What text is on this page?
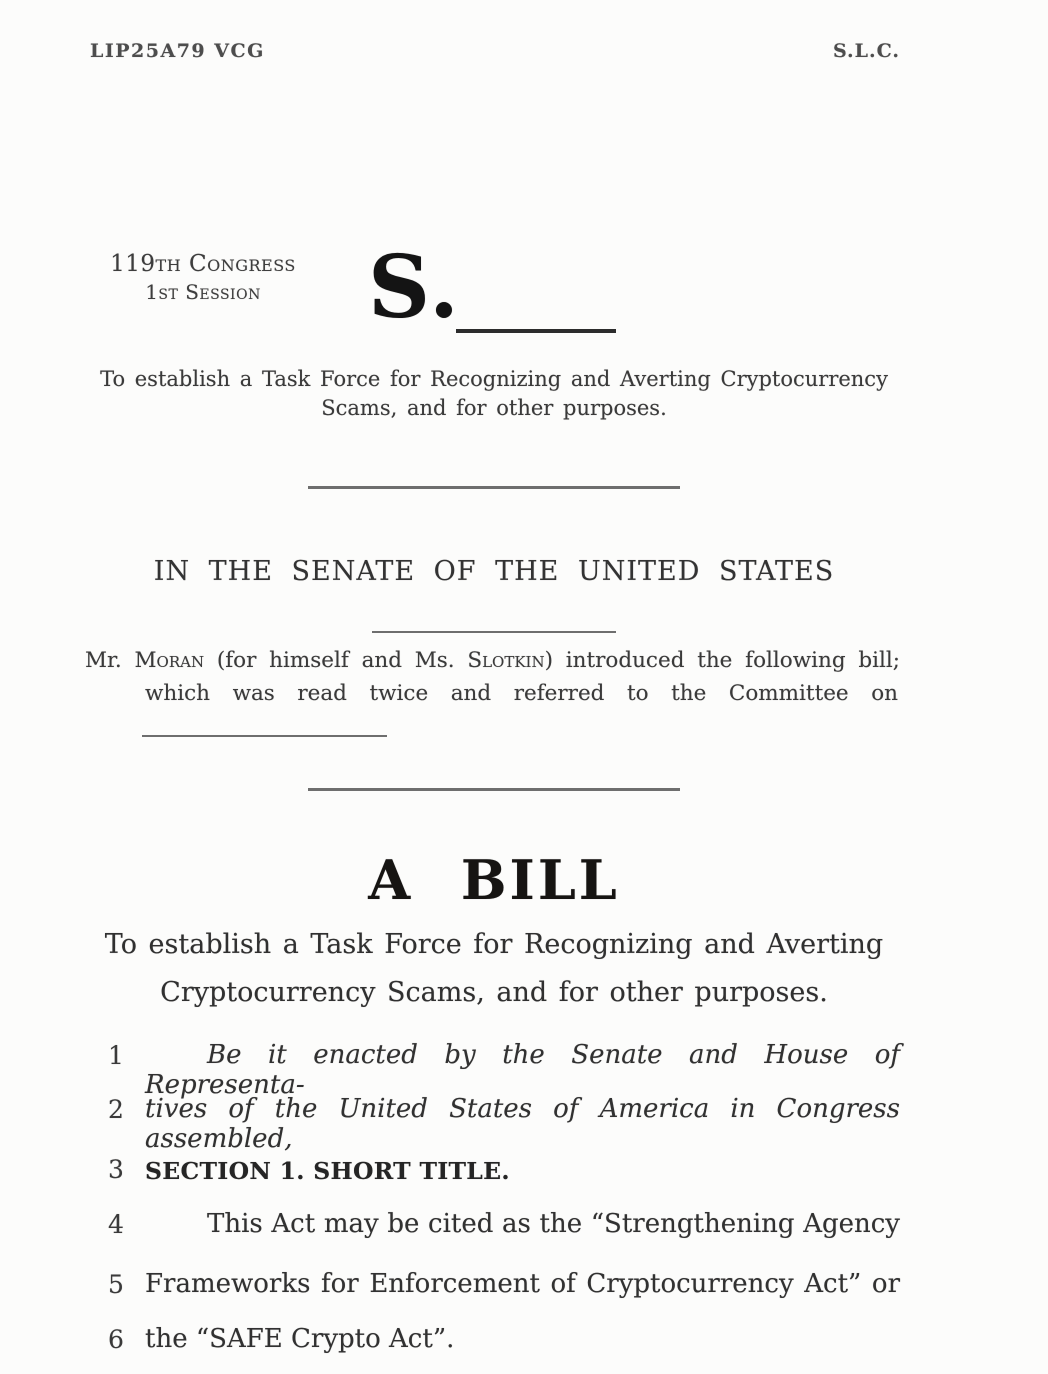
LIP25A79 VCG	S.L.C.
119th Congress
1st Session	S.
To establish a Task Force for Recognizing and Averting Cryptocurrency
Scams, and for other purposes.
IN THE SENATE OF THE UNITED STATES
Mr. Moran (for himself and Ms. Slotkin) introduced the following bill;
which was read twice and referred to the Committee on
A BILL
To establish a Task Force for Recognizing and Averting
Cryptocurrency Scams, and for other purposes.
1	Be it enacted by the Senate and House of Representa-
2 tives of the United States of America in Congress assembled,
3 SECTION 1. SHORT TITLE.
4	This Act may be cited as the “Strengthening Agency
5 Frameworks for Enforcement of Cryptocurrency Act” or
6 the “SAFE Crypto Act”.
